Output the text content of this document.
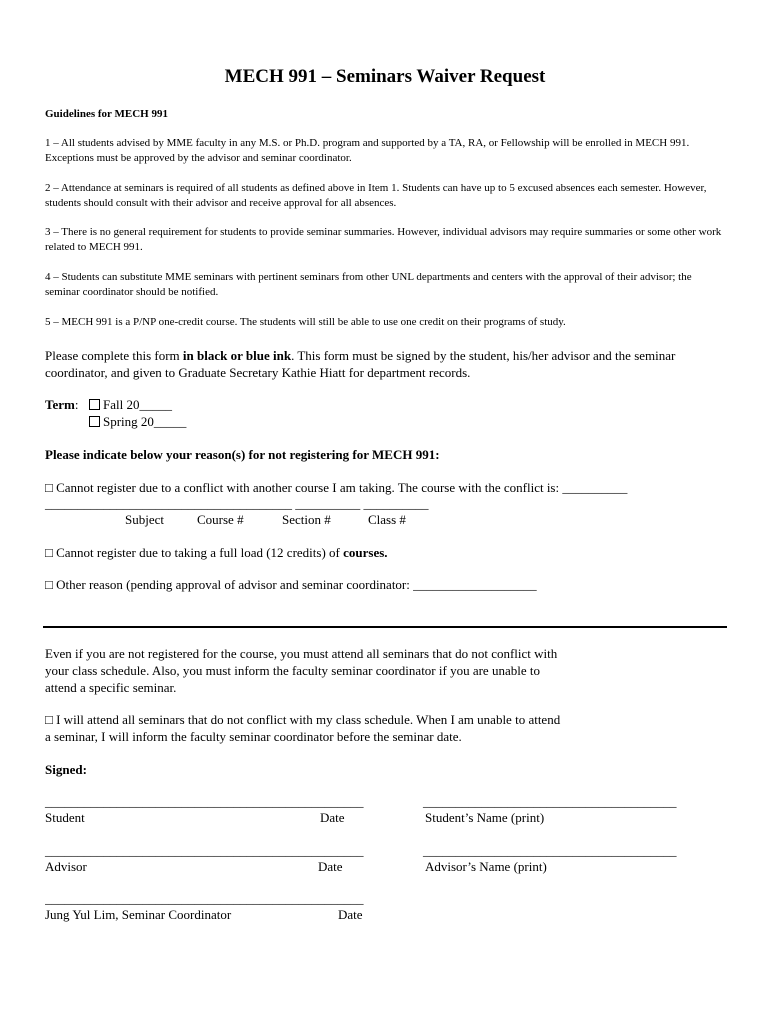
MECH 991 – Seminars Waiver Request
Guidelines for MECH 991
1 – All students advised by MME faculty in any M.S. or Ph.D. program and supported by a TA, RA, or Fellowship will be enrolled in MECH 991. Exceptions must be approved by the advisor and seminar coordinator.
2 – Attendance at seminars is required of all students as defined above in Item 1. Students can have up to 5 excused absences each semester. However, students should consult with their advisor and receive approval for all absences.
3 – There is no general requirement for students to provide seminar summaries. However, individual advisors may require summaries or some other work related to MECH 991.
4 – Students can substitute MME seminars with pertinent seminars from other UNL departments and centers with the approval of their advisor; the seminar coordinator should be notified.
5 – MECH 991 is a P/NP one-credit course. The students will still be able to use one credit on their programs of study.
Please complete this form in black or blue ink. This form must be signed by the student, his/her advisor and the seminar coordinator, and given to Graduate Secretary Kathie Hiatt for department records.
Term:	Fall 20_____
Spring 20_____
Please indicate below your reason(s) for not registering for MECH 991:
□ Cannot register due to a conflict with another course I am taking. The course with the conflict is: __________
______________________________________ __________ __________
Subject	Course #	Section #	Class #
□ Cannot register due to taking a full load (12 credits) of courses.
□ Other reason (pending approval of advisor and seminar coordinator: ___________________
Even if you are not registered for the course, you must attend all seminars that do not conflict with your class schedule. Also, you must inform the faculty seminar coordinator if you are unable to attend a specific seminar.
□ I will attend all seminars that do not conflict with my class schedule. When I am unable to attend a seminar, I will inform the faculty seminar coordinator before the seminar date.
Signed:
_________________________________________________	_______________________________________
Student	Date	Student’s Name (print)
_________________________________________________	_______________________________________
Advisor	Date	Advisor’s Name (print)
_________________________________________________
Jung Yul Lim, Seminar Coordinator	Date
